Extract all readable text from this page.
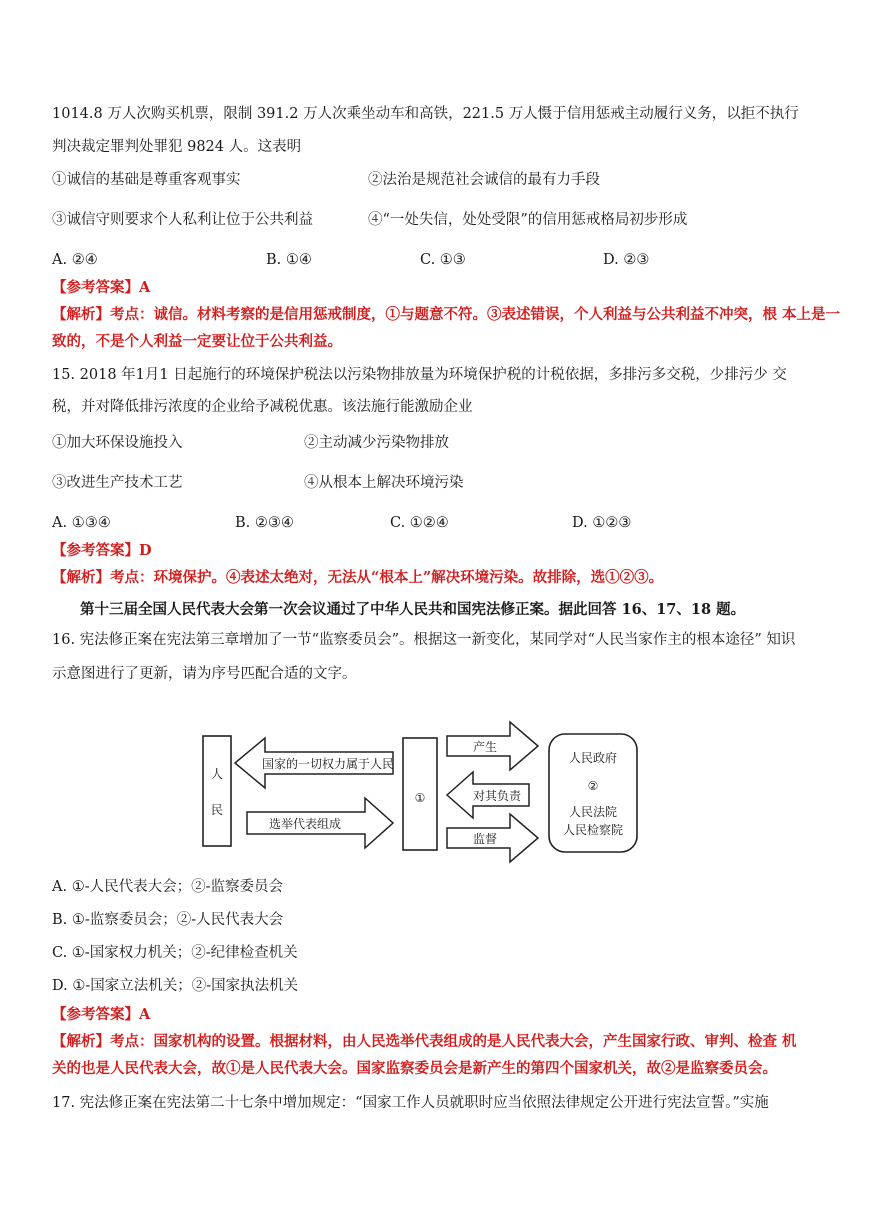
1014.8 万人次购买机票，限制 391.2 万人次乘坐动车和高铁，221.5 万人慑于信用惩戒主动履行义务，以拒不执行
判决裁定罪判处罪犯 9824 人。这表明
①诚信的基础是尊重客观事实	②法治是规范社会诚信的最有力手段
③诚信守则要求个人私利让位于公共利益	④“一处失信，处处受限”的信用惩戒格局初步形成
A. ②④	B. ①④	C. ①③	D. ②③
【参考答案】A
【解析】考点：诚信。材料考察的是信用惩戒制度，①与题意不符。③表述错误，个人利益与公共利益不冲突，根 本上是一
致的，不是个人利益一定要让位于公共利益。
15. 2018 年1月1 日起施行的环境保护税法以污染物排放量为环境保护税的计税依据，多排污多交税，少排污少 交
税，并对降低排污浓度的企业给予减税优惠。该法施行能激励企业
①加大环保设施投入	②主动减少污染物排放
③改进生产技术工艺	④从根本上解决环境污染
A. ①③④	B. ②③④	C. ①②④	D. ①②③
【参考答案】D
【解析】考点：环境保护。④表述太绝对，无法从“根本上”解决环境污染。故排除，选①②③。
第十三届全国人民代表大会第一次会议通过了中华人民共和国宪法修正案。据此回答 16、17、18 题。
16. 宪法修正案在宪法第三章增加了一节“监察委员会”。根据这一新变化，某同学对“人民当家作主的根本途径” 知识
示意图进行了更新，请为序号匹配合适的文字。
人
民
国家的一切权力属于人民
选举代表组成
①
产生
对其负责
监督
人民政府
②
人民法院
人民检察院
A. ①-人民代表大会；②-监察委员会
B. ①-监察委员会；②-人民代表大会
C. ①-国家权力机关；②-纪律检查机关
D. ①-国家立法机关；②-国家执法机关
【参考答案】A
【解析】考点：国家机构的设置。根据材料，由人民选举代表组成的是人民代表大会，产生国家行政、审判、检查 机
关的也是人民代表大会，故①是人民代表大会。国家监察委员会是新产生的第四个国家机关，故②是监察委员会。
17. 宪法修正案在宪法第二十七条中增加规定：“国家工作人员就职时应当依照法律规定公开进行宪法宣誓。”实施
